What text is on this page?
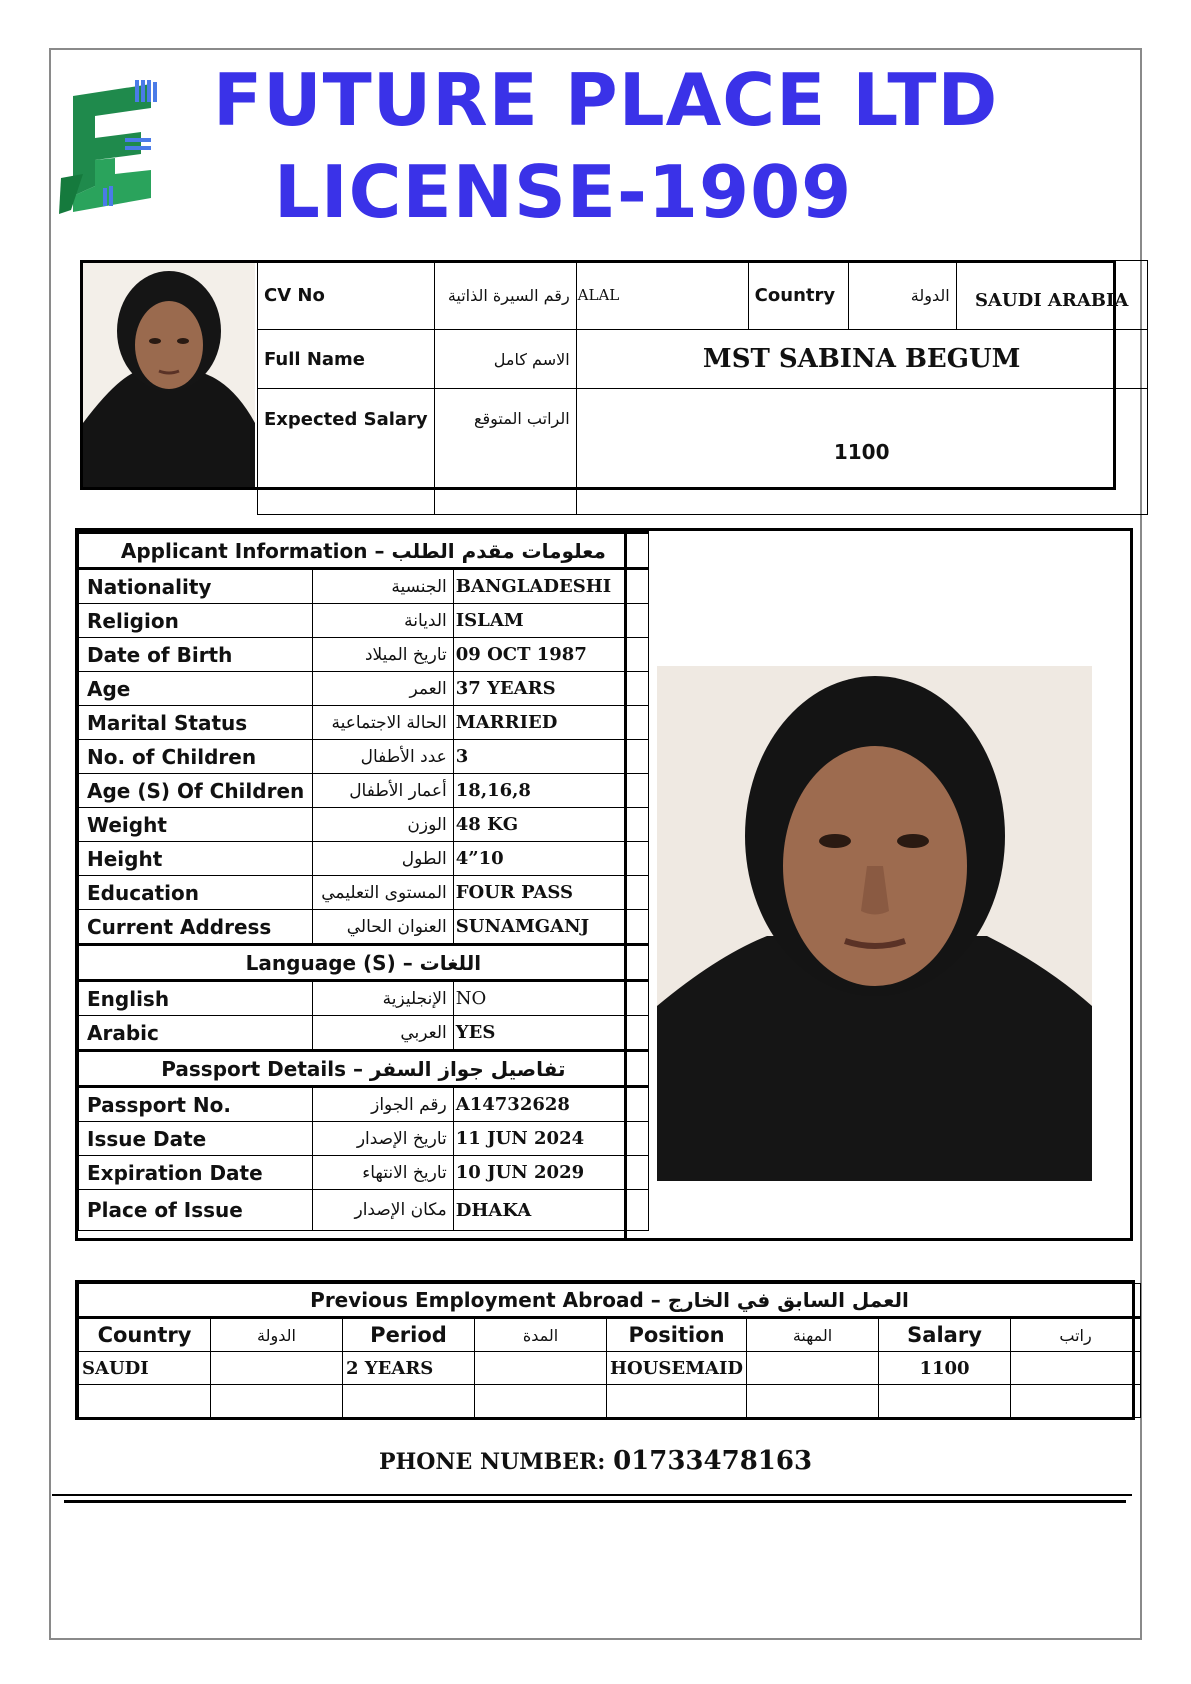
FUTURE PLACE LTD
LICENSE-1909
CV No	رقم السيرة الذاتية	ALAL	Country	الدولة	SAUDI ARABIA
Full Name	الاسم كامل	MST SABINA BEGUM			
Expected Salary	الراتب المتوقع	1100			
Applicant Information – معلومات مقدم الطلب		
Nationality	الجنسية	BANGLADESHI
Religion	الديانة	ISLAM
Date of Birth	تاريخ الميلاد	09 OCT 1987
Age	العمر	37 YEARS
Marital Status	الحالة الاجتماعية	MARRIED
No. of Children	عدد الأطفال	3
Age (S) Of Children	أعمار الأطفال	18,16,8
Weight	الوزن	48 KG
Height	الطول	4”10
Education	المستوى التعليمي	FOUR PASS
Current Address	العنوان الحالي	SUNAMGANJ
Language (S) – اللغات		
English	الإنجليزية	NO
Arabic	العربي	YES
Passport Details – تفاصيل جواز السفر		
Passport No.	رقم الجواز	A14732628
Issue Date	تاريخ الإصدار	11 JUN 2024
Expiration Date	تاريخ الانتهاء	10 JUN 2029
Place of Issue	مكان الإصدار	DHAKA
Previous Employment Abroad – العمل السابق في الخارج							
Country	الدولة	Period	المدة	Position	المهنة	Salary	راتب
SAUDI		2 YEARS		HOUSEMAID		1100	

PHONE NUMBER: 01733478163
